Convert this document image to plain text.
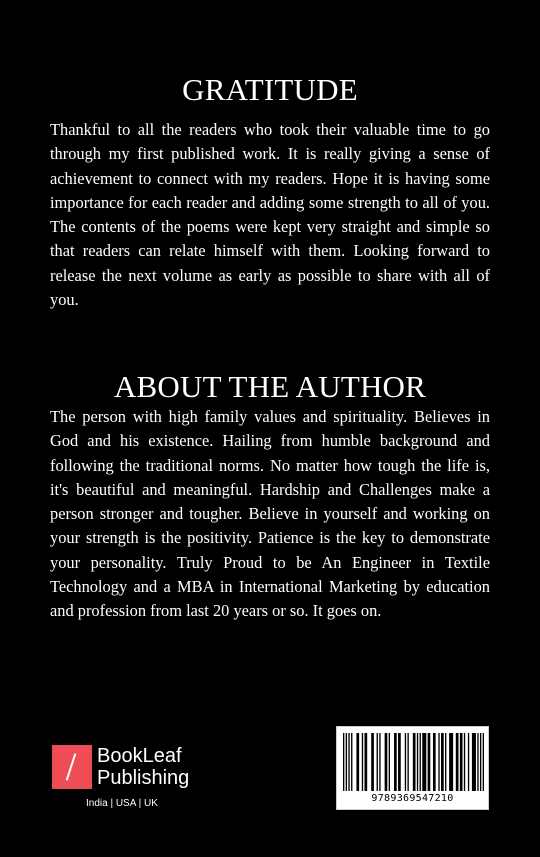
GRATITUDE

Thankful to all the readers who took their valuable time to go through my first published work. It is really giving a sense of achievement to connect with my readers. Hope it is having some importance for each reader and adding some strength to all of you. The contents of the poems were kept very straight and simple so that readers can relate himself with them. Looking forward to release the next volume as early as possible to share with all of you.

ABOUT THE AUTHOR

The person with high family values and spirituality. Believes in God and his existence. Hailing from humble background and following the traditional norms. No matter how tough the life is, it's beautiful and meaningful. Hardship and Challenges make a person stronger and tougher. Believe in yourself and working on your strength is the positivity. Patience is the key to demonstrate your personality. Truly Proud to be An Engineer in Textile Technology and a MBA in International Marketing by education and profession from last 20 years or so. It goes on.

BookLeaf
Publishing
India | USA | UK	9789369547210
